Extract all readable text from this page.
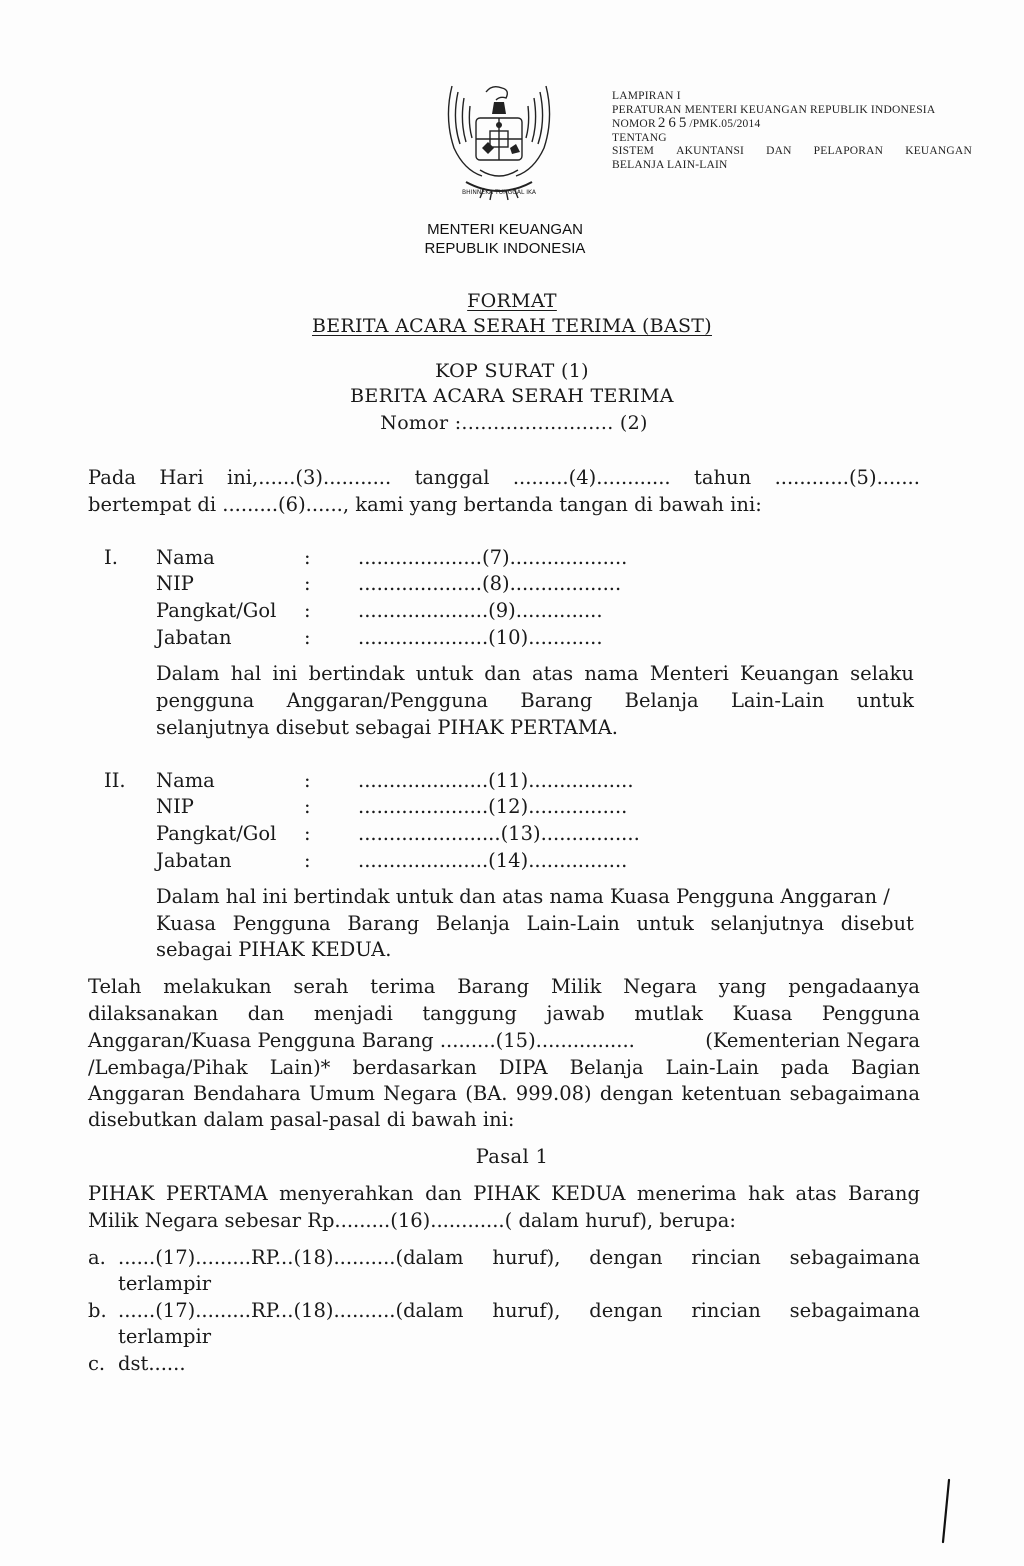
BHINNEKA TUNGGAL IKA
LAMPIRAN I
PERATURAN MENTERI KEUANGAN REPUBLIK INDONESIA
NOMOR 265/PMK.05/2014
TENTANG
SISTEM AKUNTANSI DAN PELAPORAN KEUANGAN
BELANJA LAIN-LAIN
MENTERI KEUANGAN
REPUBLIK INDONESIA
FORMAT
BERITA ACARA SERAH TERIMA (BAST)
KOP SURAT (1)
BERITA ACARA SERAH TERIMA
Nomor :........................ (2)
Pada Hari ini,......(3)........... tanggal .........(4)............ tahun ............(5).......
bertempat di .........(6)......, kami yang bertanda tangan di bawah ini:
I. Nama	: ....................(7)...................
NIP	: ....................(8)..................
Pangkat/Gol : .....................(9)..............
Jabatan	: .....................(10)............
Dalam hal ini bertindak untuk dan atas nama Menteri Keuangan selaku
pengguna Anggaran/Pengguna Barang Belanja Lain-Lain untuk
selanjutnya disebut sebagai PIHAK PERTAMA.
II. Nama	: .....................(11).................
NIP	: .....................(12)................
Pangkat/Gol : .......................(13)................
Jabatan	: .....................(14)................
Dalam hal ini bertindak untuk dan atas nama Kuasa Pengguna Anggaran /
Kuasa Pengguna Barang Belanja Lain-Lain untuk selanjutnya disebut
sebagai PIHAK KEDUA.
Telah melakukan serah terima Barang Milik Negara yang pengadaanya
dilaksanakan dan menjadi tanggung jawab mutlak Kuasa Pengguna
Anggaran/Kuasa Pengguna Barang .........(15)................	(Kementerian Negara
/Lembaga/Pihak Lain)* berdasarkan DIPA Belanja Lain-Lain pada Bagian
Anggaran Bendahara Umum Negara (BA. 999.08) dengan ketentuan sebagaimana
disebutkan dalam pasal-pasal di bawah ini:
Pasal 1
PIHAK PERTAMA menyerahkan dan PIHAK KEDUA menerima hak atas Barang
Milik Negara sebesar Rp.........(16)............( dalam huruf), berupa:
a. ......(17).........RP...(18)..........(dalam huruf), dengan rincian sebagaimana
terlampir
b. ......(17).........RP...(18)..........(dalam huruf), dengan rincian sebagaimana
terlampir
c. dst......
